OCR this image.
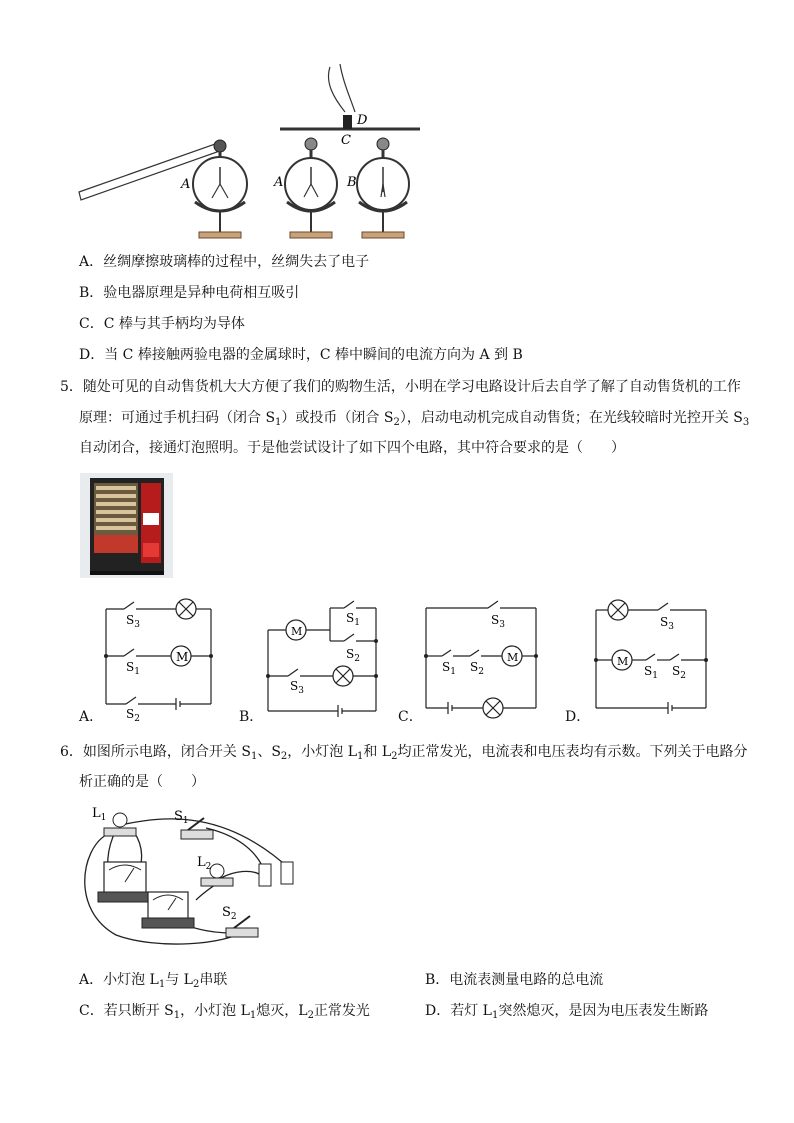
A	A	B
C
D
A．丝绸摩擦玻璃棒的过程中，丝绸失去了电子
B．验电器原理是异种电荷相互吸引
C．C 棒与其手柄均为导体
D．当 C 棒接触两验电器的金属球时，C 棒中瞬间的电流方向为 A 到 B
5．随处可见的自动售货机大大方便了我们的购物生活，小明在学习电路设计后去自学了解了自动售货机的工作
原理：可通过手机扫码（闭合 $S_1$）或投币（闭合 $S_2$），启动电动机完成自动售货；在光线较暗时光控开关 $S_3$
自动闭合，接通灯泡照明。于是他尝试设计了如下四个电路，其中符合要求的是（　　）
M
$S_3$
$S_1$
$S_2$
A．
M
$S_1$
$S_2$
$S_3$
B．
M
$S_3$
$S_1$ $S_2$
C．
M
$S_3$
$S_1$ $S_2$
D．
6．如图所示电路，闭合开关 $S_1$、$S_2$，小灯泡 $L_1$和 $L_2$均正常发光，电流表和电压表均有示数。下列关于电路分
析正确的是（　　）
$L_1$	$S_1$
$L_2$
$S_2$
A．小灯泡 $L_1$与 $L_2$串联	B．电流表测量电路的总电流
C．若只断开 $S_1$，小灯泡 $L_1$熄灭，$L_2$正常发光	D．若灯 $L_1$突然熄灭，是因为电压表发生断路
